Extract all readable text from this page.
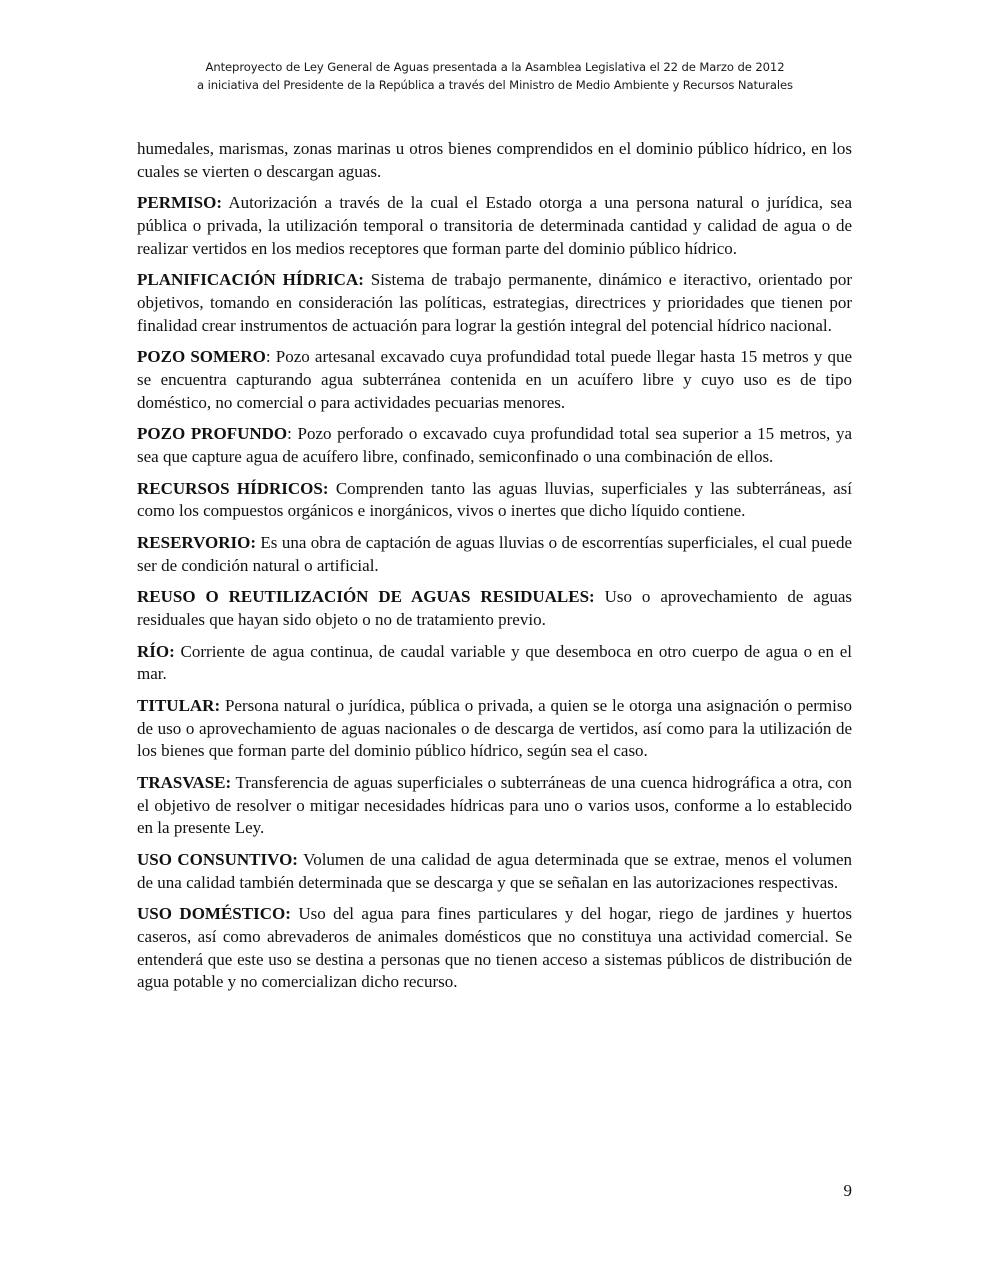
Anteproyecto de Ley General de Aguas presentada a la Asamblea Legislativa el 22 de Marzo de 2012
a iniciativa del Presidente de la República a través del Ministro de Medio Ambiente y Recursos Naturales

humedales, marismas, zonas marinas u otros bienes comprendidos en el dominio público hídrico, en los cuales se vierten o descargan aguas.

PERMISO: Autorización a través de la cual el Estado otorga a una persona natural o jurídica, sea pública o privada, la utilización temporal o transitoria de determinada cantidad y calidad de agua o de realizar vertidos en los medios receptores que forman parte del dominio público hídrico.

PLANIFICACIÓN HÍDRICA: Sistema de trabajo permanente, dinámico e iteractivo, orientado por objetivos, tomando en consideración las políticas, estrategias, directrices y prioridades que tienen por finalidad crear instrumentos de actuación para lograr la gestión integral del potencial hídrico nacional.

POZO SOMERO: Pozo artesanal excavado cuya profundidad total puede llegar hasta 15 metros y que se encuentra capturando agua subterránea contenida en un acuífero libre y cuyo uso es de tipo doméstico, no comercial o para actividades pecuarias menores.

POZO PROFUNDO: Pozo perforado o excavado cuya profundidad total sea superior a 15 metros, ya sea que capture agua de acuífero libre, confinado, semiconfinado o una combinación de ellos.

RECURSOS HÍDRICOS: Comprenden tanto las aguas lluvias, superficiales y las subterráneas, así como los compuestos orgánicos e inorgánicos, vivos o inertes que dicho líquido contiene.

RESERVORIO: Es una obra de captación de aguas lluvias o de escorrentías superficiales, el cual puede ser de condición natural o artificial.

REUSO O REUTILIZACIÓN DE AGUAS RESIDUALES: Uso o aprovechamiento de aguas residuales que hayan sido objeto o no de tratamiento previo.

RÍO: Corriente de agua continua, de caudal variable y que desemboca en otro cuerpo de agua o en el mar.

TITULAR: Persona natural o jurídica, pública o privada, a quien se le otorga una asignación o permiso de uso o aprovechamiento de aguas nacionales o de descarga de vertidos, así como para la utilización de los bienes que forman parte del dominio público hídrico, según sea el caso.

TRASVASE: Transferencia de aguas superficiales o subterráneas de una cuenca hidrográfica a otra, con el objetivo de resolver o mitigar necesidades hídricas para uno o varios usos, conforme a lo establecido en la presente Ley.

USO CONSUNTIVO: Volumen de una calidad de agua determinada que se extrae, menos el volumen de una calidad también determinada que se descarga y que se señalan en las autorizaciones respectivas.

USO DOMÉSTICO: Uso del agua para fines particulares y del hogar, riego de jardines y huertos caseros, así como abrevaderos de animales domésticos que no constituya una actividad comercial. Se entenderá que este uso se destina a personas que no tienen acceso a sistemas públicos de distribución de agua potable y no comercializan dicho recurso.

9
